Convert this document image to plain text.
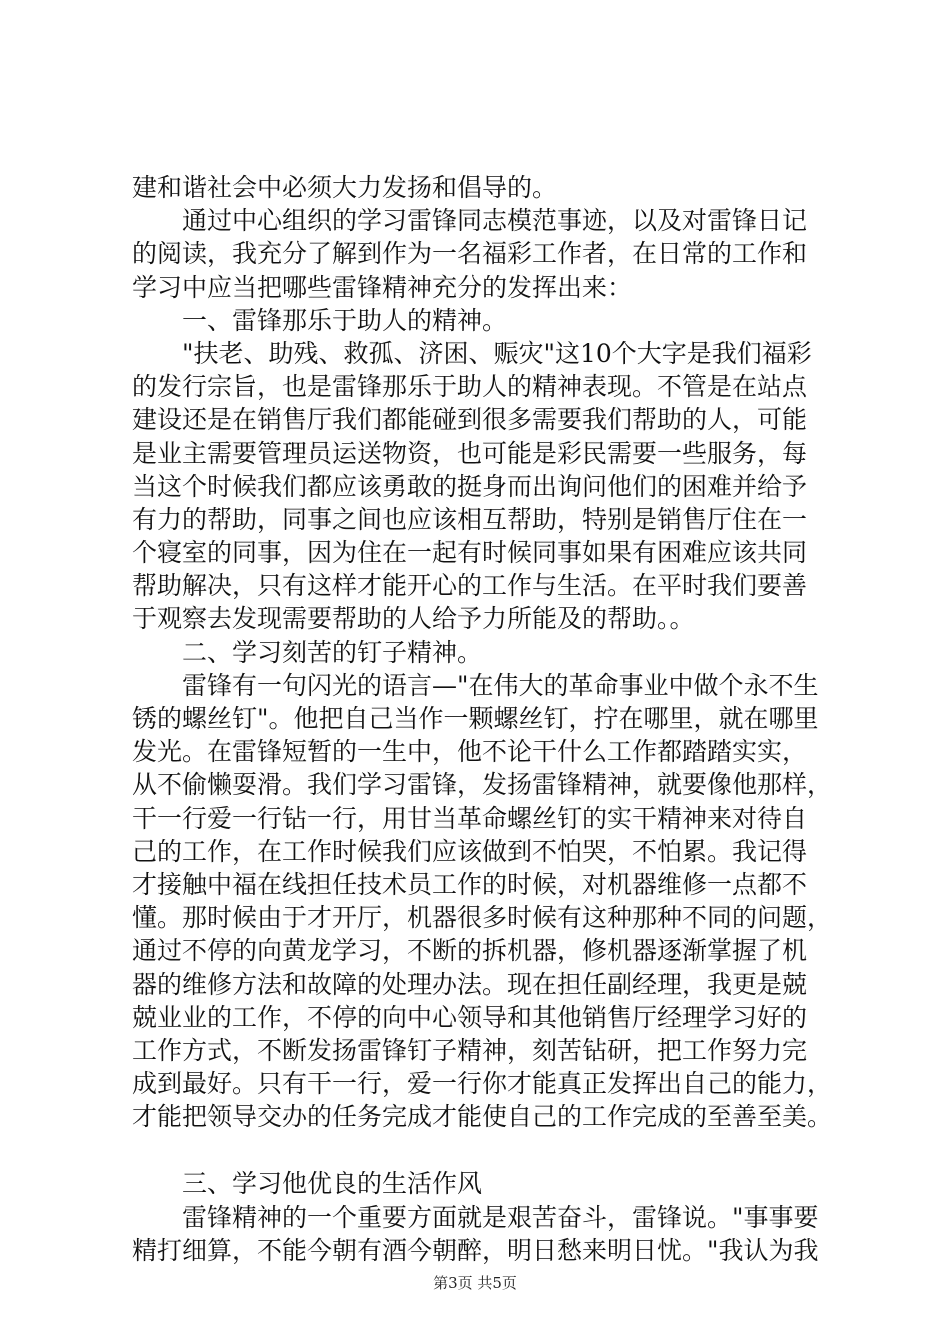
建和谐社会中必须大力发扬和倡导的。
通过中心组织的学习雷锋同志模范事迹，以及对雷锋日记
的阅读，我充分了解到作为一名福彩工作者，在日常的工作和
学习中应当把哪些雷锋精神充分的发挥出来：
一、雷锋那乐于助人的精神。
"扶老、助残、救孤、济困、赈灾"这10个大字是我们福彩
的发行宗旨，也是雷锋那乐于助人的精神表现。不管是在站点
建设还是在销售厅我们都能碰到很多需要我们帮助的人，可能
是业主需要管理员运送物资，也可能是彩民需要一些服务，每
当这个时候我们都应该勇敢的挺身而出询问他们的困难并给予
有力的帮助，同事之间也应该相互帮助，特别是销售厅住在一
个寝室的同事，因为住在一起有时候同事如果有困难应该共同
帮助解决，只有这样才能开心的工作与生活。在平时我们要善
于观察去发现需要帮助的人给予力所能及的帮助。。
二、学习刻苦的钉子精神。
雷锋有一句闪光的语言—"在伟大的革命事业中做个永不生
锈的螺丝钉"。他把自己当作一颗螺丝钉，拧在哪里，就在哪里
发光。在雷锋短暂的一生中，他不论干什么工作都踏踏实实，
从不偷懒耍滑。我们学习雷锋，发扬雷锋精神，就要像他那样，
干一行爱一行钻一行，用甘当革命螺丝钉的实干精神来对待自
己的工作，在工作时候我们应该做到不怕哭，不怕累。我记得
才接触中福在线担任技术员工作的时候，对机器维修一点都不
懂。那时候由于才开厅，机器很多时候有这种那种不同的问题，
通过不停的向黄龙学习，不断的拆机器，修机器逐渐掌握了机
器的维修方法和故障的处理办法。现在担任副经理，我更是兢
兢业业的工作，不停的向中心领导和其他销售厅经理学习好的
工作方式，不断发扬雷锋钉子精神，刻苦钻研，把工作努力完
成到最好。只有干一行，爱一行你才能真正发挥出自己的能力，
才能把领导交办的任务完成才能使自己的工作完成的至善至美。
三、学习他优良的生活作风
雷锋精神的一个重要方面就是艰苦奋斗，雷锋说。"事事要
精打细算，不能今朝有酒今朝醉，明日愁来明日忧。"我认为我
第3页 共5页
